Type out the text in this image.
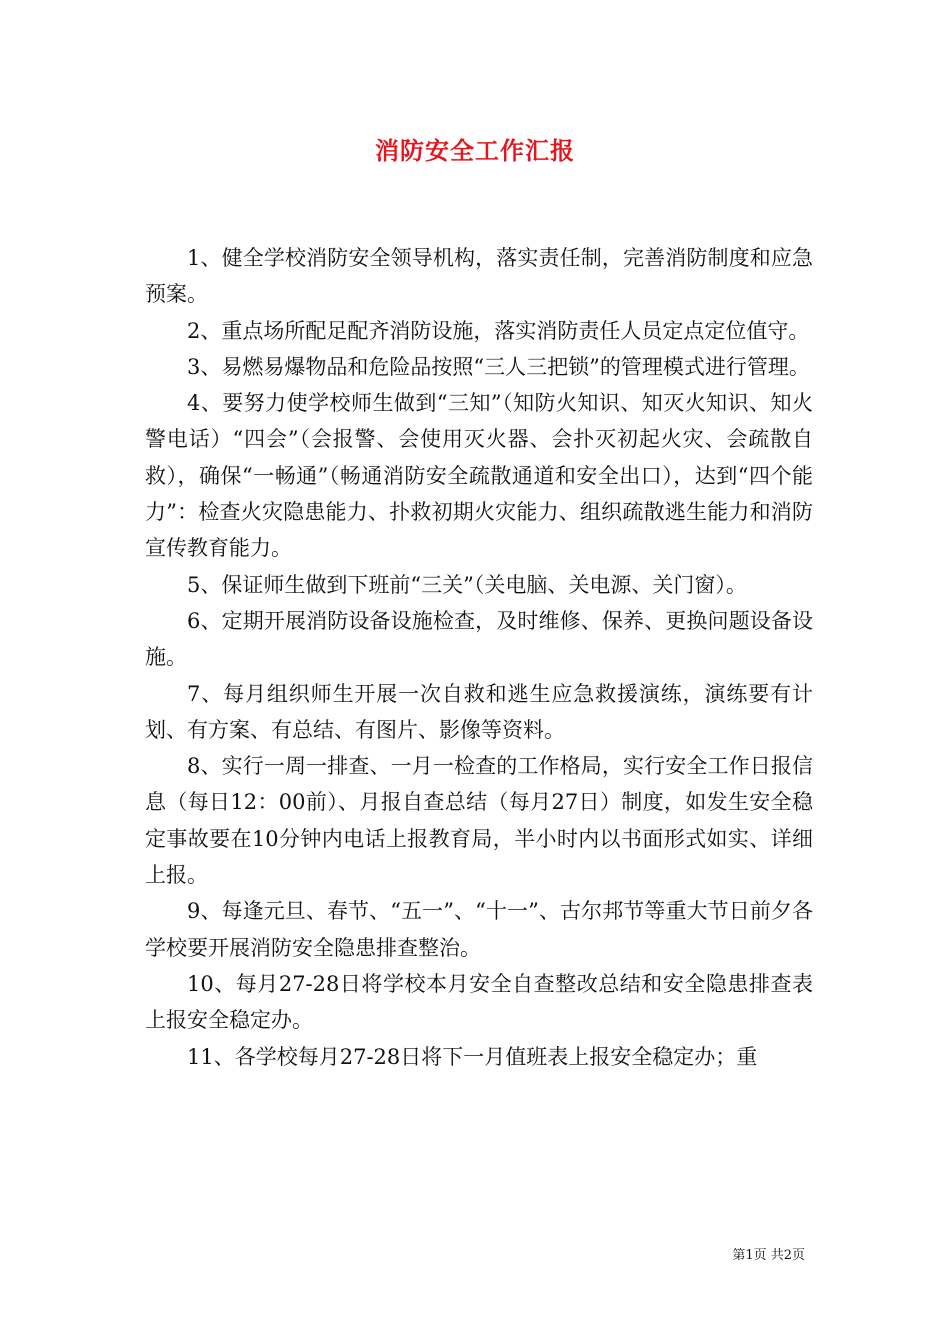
消防安全工作汇报

1、健全学校消防安全领导机构，落实责任制，完善消防制度和应急预案。

2、重点场所配足配齐消防设施，落实消防责任人员定点定位值守。

3、易燃易爆物品和危险品按照“三人三把锁”的管理模式进行管理。

4、要努力使学校师生做到“三知”（知防火知识、知灭火知识、知火警电话）“四会”（会报警、会使用灭火器、会扑灭初起火灾、会疏散自救），确保“一畅通”（畅通消防安全疏散通道和安全出口），达到“四个能力”：检查火灾隐患能力、扑救初期火灾能力、组织疏散逃生能力和消防宣传教育能力。

5、保证师生做到下班前“三关”（关电脑、关电源、关门窗）。

6、定期开展消防设备设施检查，及时维修、保养、更换问题设备设施。

7、每月组织师生开展一次自救和逃生应急救援演练，演练要有计划、有方案、有总结、有图片、影像等资料。

8、实行一周一排查、一月一检查的工作格局，实行安全工作日报信息（每日12：00前）、月报自查总结（每月27日）制度，如发生安全稳定事故要在10分钟内电话上报教育局，半小时内以书面形式如实、详细上报。

9、每逢元旦、春节、“五一”、“十一”、古尔邦节等重大节日前夕各学校要开展消防安全隐患排查整治。

10、每月27-28日将学校本月安全自查整改总结和安全隐患排查表上报安全稳定办。

11、各学校每月27-28日将下一月值班表上报安全稳定办；重

第1页 共2页
